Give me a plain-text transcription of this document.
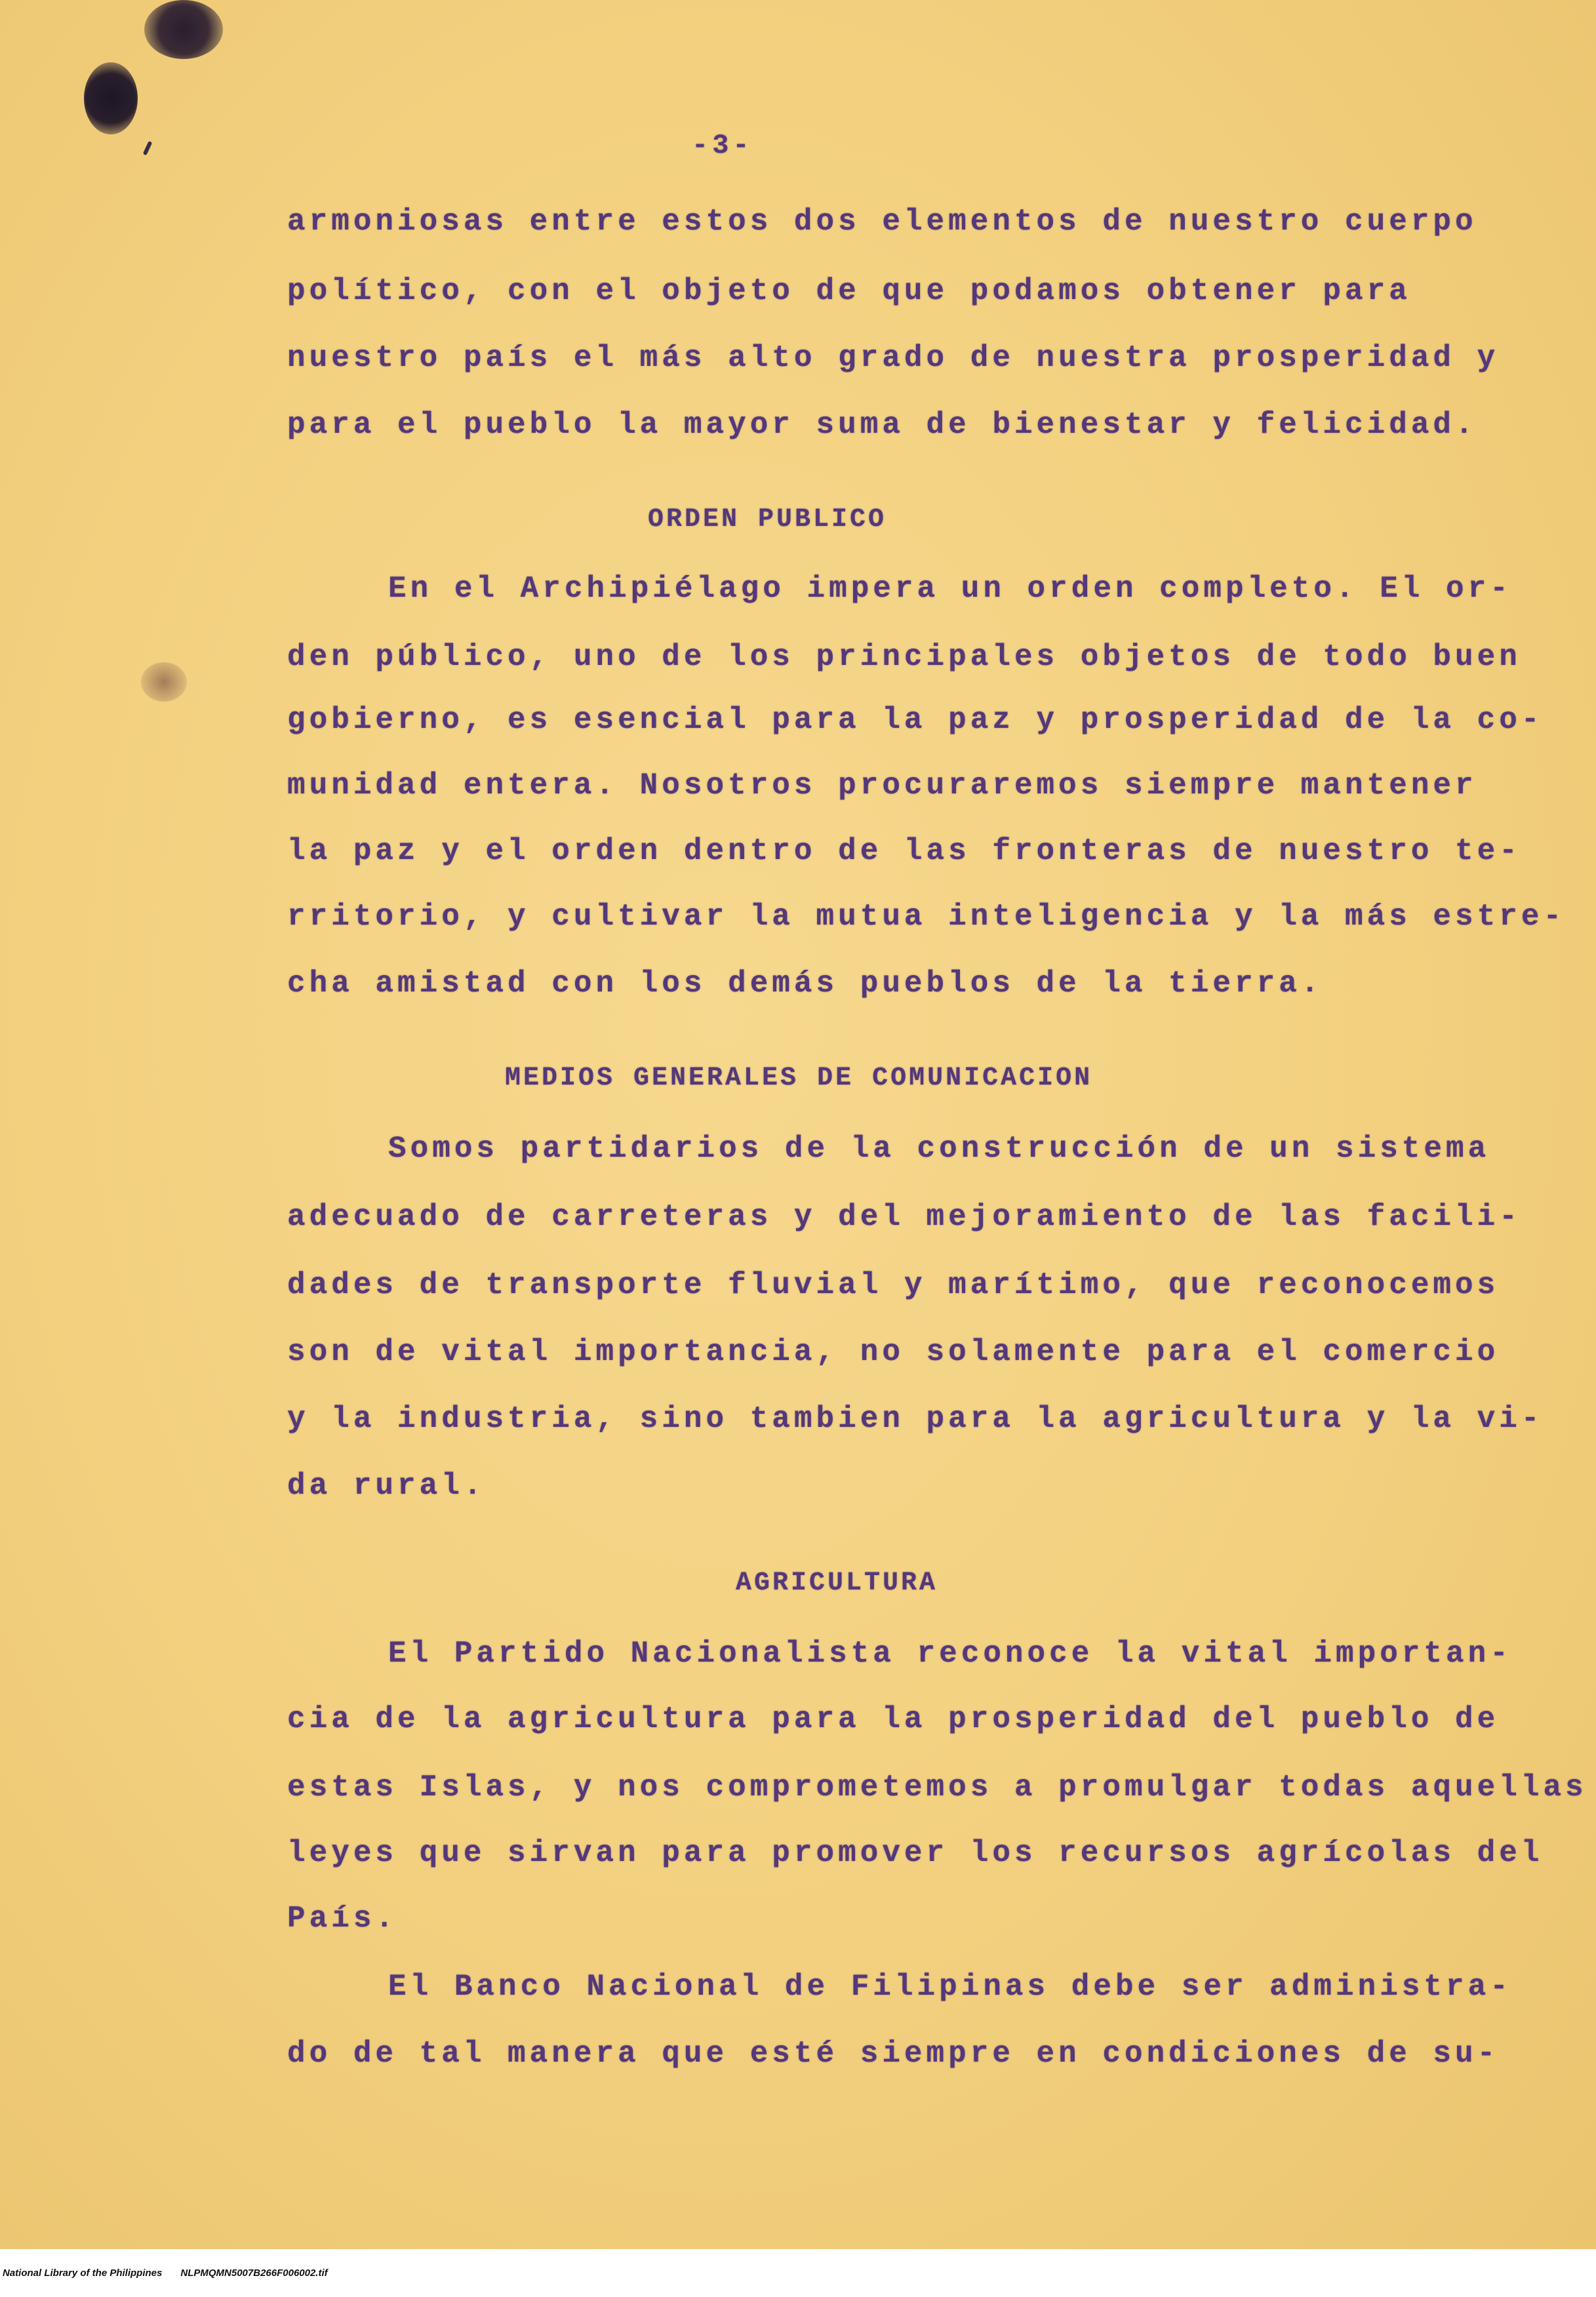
-3-
armoniosas entre estos dos elementos de nuestro cuerpo
político, con el objeto de que podamos obtener para
nuestro país el más alto grado de nuestra prosperidad y
para el pueblo la mayor suma de bienestar y felicidad.
ORDEN PUBLICO
En el Archipiélago impera un orden completo. El or-
den público, uno de los principales objetos de todo buen
gobierno, es esencial para la paz y prosperidad de la co-
munidad entera. Nosotros procuraremos siempre mantener
la paz y el orden dentro de las fronteras de nuestro te-
rritorio, y cultivar la mutua inteligencia y la más estre-
cha amistad con los demás pueblos de la tierra.
MEDIOS GENERALES DE COMUNICACION
Somos partidarios de la construcción de un sistema
adecuado de carreteras y del mejoramiento de las facili-
dades de transporte fluvial y marítimo, que reconocemos
son de vital importancia, no solamente para el comercio
y la industria, sino tambien para la agricultura y la vi-
da rural.
AGRICULTURA
El Partido Nacionalista reconoce la vital importan-
cia de la agricultura para la prosperidad del pueblo de
estas Islas, y nos comprometemos a promulgar todas aquellas
leyes que sirvan para promover los recursos agrícolas del
País.
El Banco Nacional de Filipinas debe ser administra-
do de tal manera que esté siempre en condiciones de su-
National Library of the Philippines NLPMQMN5007B266F006002.tif
